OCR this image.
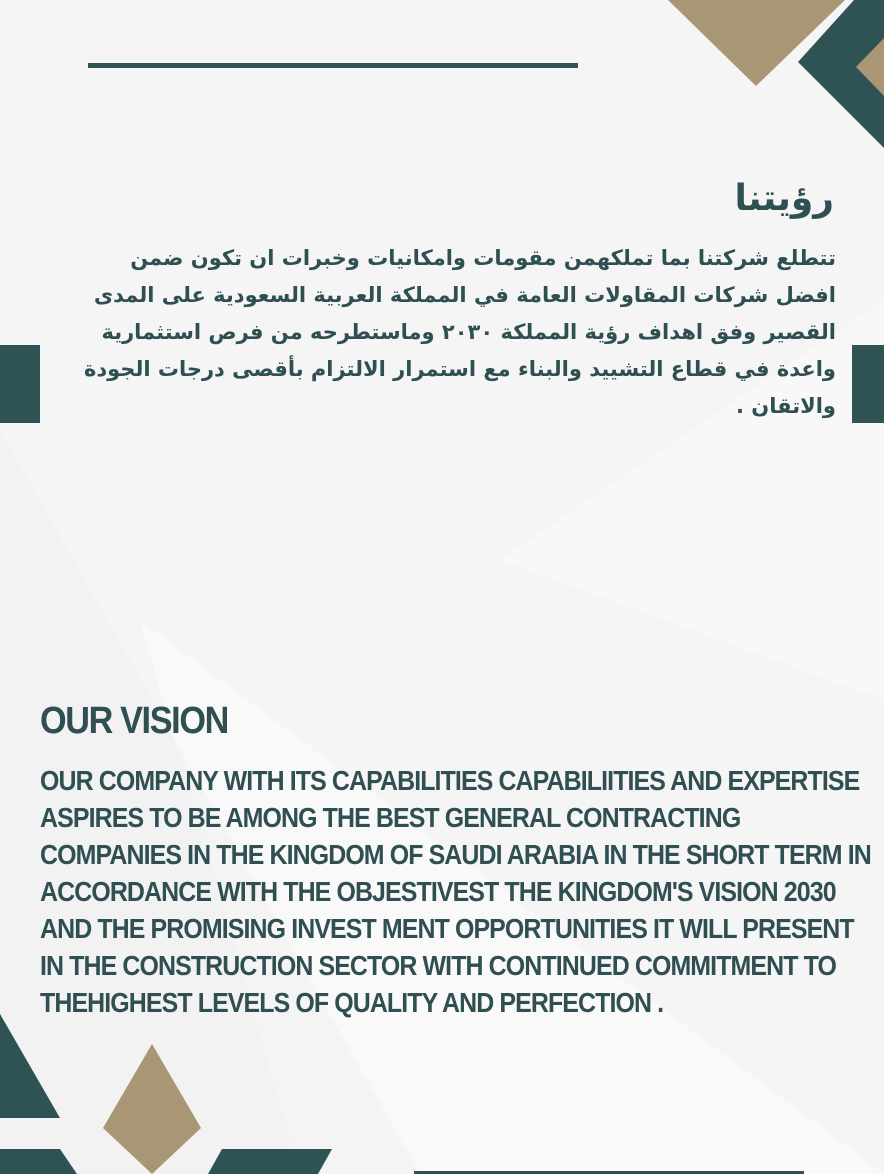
رؤيتنا

تتطلع شركتنا بما تملكهمن مقومات وامكانيات وخبرات ان تكون ضمن افضل شركات المقاولات العامة في المملكة العربية السعودية على المدى القصير وفق اهداف رؤية المملكة ٢٠٣٠ وماستطرحه من فرص استثمارية واعدة في قطاع التشييد والبناء مع استمرار الالتزام بأقصى درجات الجودة والاتقان .

OUR VISION
OUR COMPANY WITH ITS CAPABILITIES CAPABILIITIES AND EXPERTISE
ASPIRES TO BE AMONG THE BEST GENERAL CONTRACTING
COMPANIES IN THE KINGDOM OF SAUDI ARABIA IN THE SHORT TERM IN
ACCORDANCE WITH THE OBJESTIVEST THE KINGDOM'S VISION 2030
AND THE PROMISING INVEST MENT OPPORTUNITIES IT WILL PRESENT
IN THE CONSTRUCTION SECTOR WITH CONTINUED COMMITMENT TO
THEHIGHEST LEVELS OF QUALITY AND PERFECTION .
